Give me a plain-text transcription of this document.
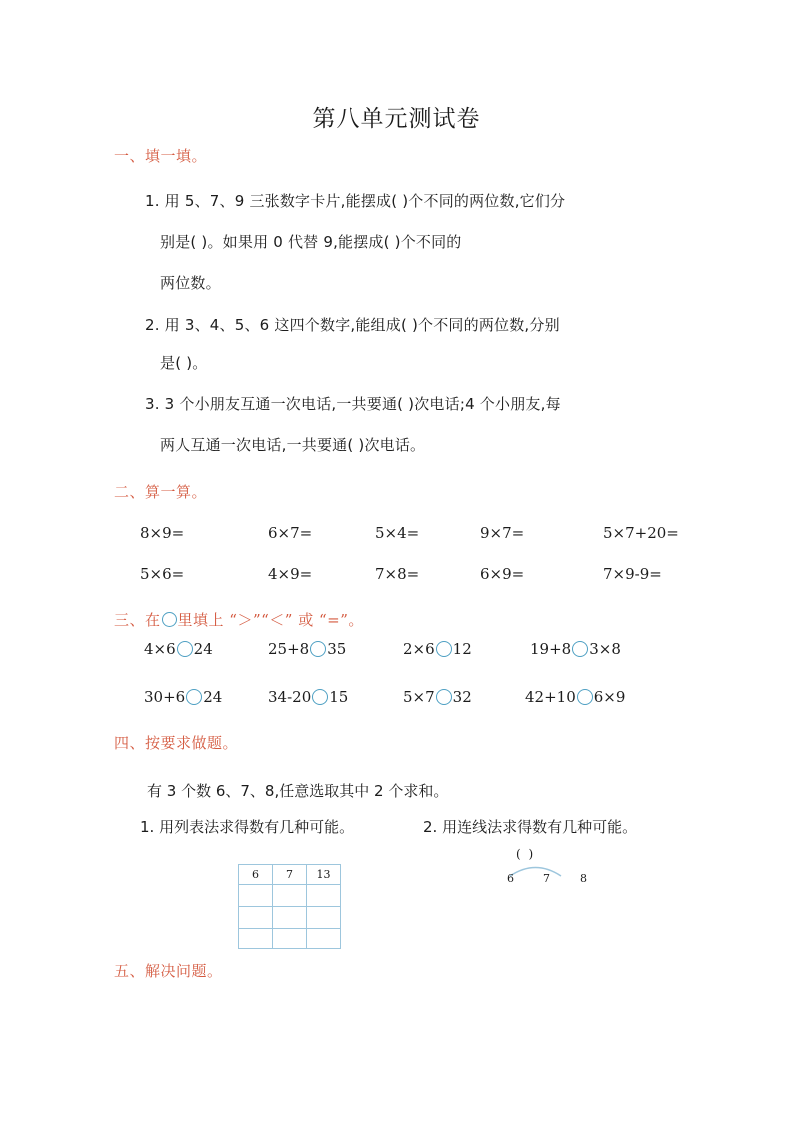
第八单元测试卷
一、填一填。
1. 用 5、7、9 三张数字卡片,能摆成( )个不同的两位数,它们分
别是( )。如果用 0 代替 9,能摆成( )个不同的
两位数。
2. 用 3、4、5、6 这四个数字,能组成( )个不同的两位数,分别
是( )。
3. 3 个小朋友互通一次电话,一共要通( )次电话;4 个小朋友,每
两人互通一次电话,一共要通( )次电话。
二、算一算。
8×9=	6×7=	5×4=	9×7=	5×7+20=
5×6=	4×9=	7×8=	6×9=	7×9-9=
三、在 里填上 “＞”“＜” 或 “=”。
4×6 24	25+8 35	2×6 12	19+8 3×8
30+6 24	34-20 15	5×7 32	42+10 6×9
四、按要求做题。
有 3 个数 6、7、8,任意选取其中 2 个求和。
1. 用列表法求得数有几种可能。	2. 用连线法求得数有几种可能。
6	7	13

( )
6	7	8
五、解决问题。
